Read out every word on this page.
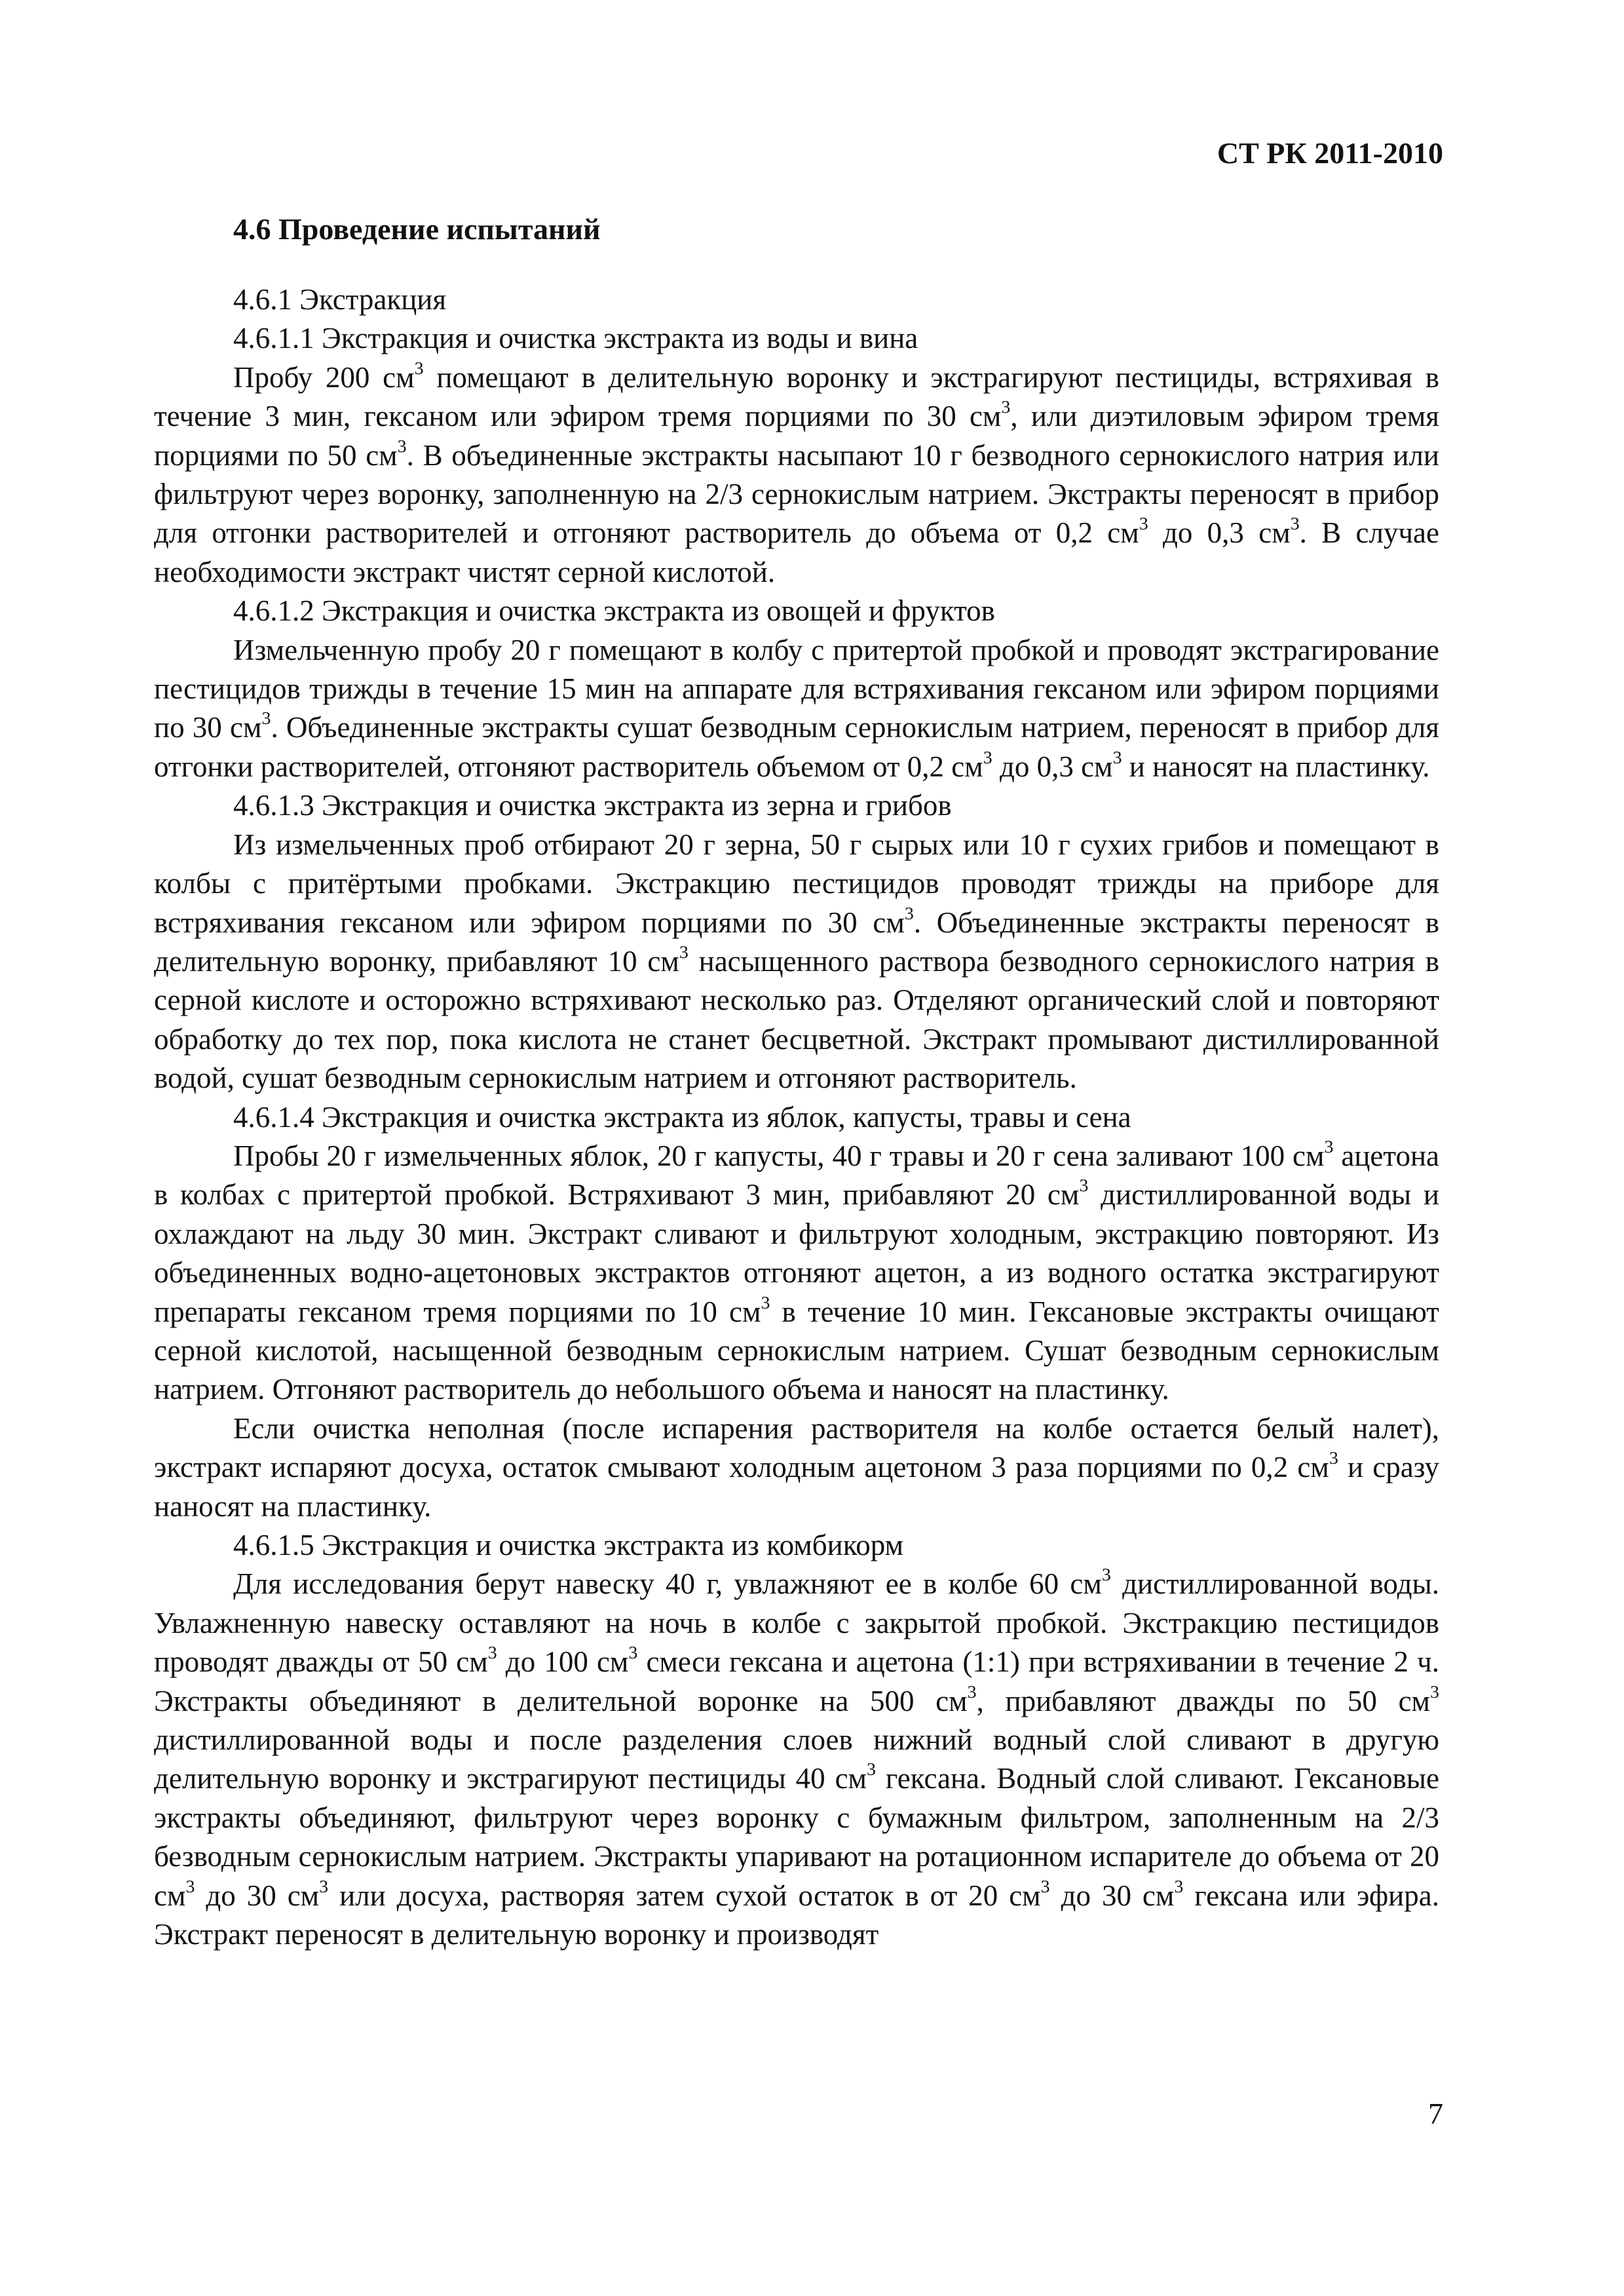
СТ РК 2011-2010
4.6 Проведение испытаний

4.6.1 Экстракция

4.6.1.1 Экстракция и очистка экстракта из воды и вина

Пробу 200 $см^3$ помещают в делительную воронку и экстрагируют пестициды, встряхивая в течение 3 мин, гексаном или эфиром тремя порциями по 30 $см^3$, или диэтиловым эфиром тремя порциями по 50 $см^3$. В объединенные экстракты насыпают 10 г безводного сернокислого натрия или фильтруют через воронку, заполненную на 2/3 сернокислым натрием. Экстракты переносят в прибор для отгонки растворителей и отгоняют растворитель до объема от 0,2 $см^3$ до 0,3 $см^3$. В случае необходимости экстракт чистят серной кислотой.

4.6.1.2 Экстракция и очистка экстракта из овощей и фруктов

Измельченную пробу 20 г помещают в колбу с притертой пробкой и проводят экстрагирование пестицидов трижды в течение 15 мин на аппарате для встряхивания гексаном или эфиром порциями по 30 $см^3$. Объединенные экстракты сушат безводным сернокислым натрием, переносят в прибор для отгонки растворителей, отгоняют растворитель объемом от 0,2 $см^3$ до 0,3 $см^3$ и наносят на пластинку.

4.6.1.3 Экстракция и очистка экстракта из зерна и грибов

Из измельченных проб отбирают 20 г зерна, 50 г сырых или 10 г сухих грибов и помещают в колбы с притёртыми пробками. Экстракцию пестицидов проводят трижды на приборе для встряхивания гексаном или эфиром порциями по 30 $см^3$. Объединенные экстракты переносят в делительную воронку, прибавляют 10 $см^3$ насыщенного раствора безводного сернокислого натрия в серной кислоте и осторожно встряхивают несколько раз. Отделяют органический слой и повторяют обработку до тех пор, пока кислота не станет бесцветной. Экстракт промывают дистиллированной водой, сушат безводным сернокислым натрием и отгоняют растворитель.

4.6.1.4 Экстракция и очистка экстракта из яблок, капусты, травы и сена

Пробы 20 г измельченных яблок, 20 г капусты, 40 г травы и 20 г сена заливают 100 $см^3$ ацетона в колбах с притертой пробкой. Встряхивают 3 мин, прибавляют 20 $см^3$ дистиллированной воды и охлаждают на льду 30 мин. Экстракт сливают и фильтруют холодным, экстракцию повторяют. Из объединенных водно-ацетоновых экстрактов отгоняют ацетон, а из водного остатка экстрагируют препараты гексаном тремя порциями по 10 $см^3$ в течение 10 мин. Гексановые экстракты очищают серной кислотой, насыщенной безводным сернокислым натрием. Сушат безводным сернокислым натрием. Отгоняют растворитель до небольшого объема и наносят на пластинку.

Если очистка неполная (после испарения растворителя на колбе остается белый налет), экстракт испаряют досуха, остаток смывают холодным ацетоном 3 раза порциями по 0,2 $см^3$ и сразу наносят на пластинку.

4.6.1.5 Экстракция и очистка экстракта из комбикорм

Для исследования берут навеску 40 г, увлажняют ее в колбе 60 $см^3$ дистиллированной воды. Увлажненную навеску оставляют на ночь в колбе с закрытой пробкой. Экстракцию пестицидов проводят дважды от 50 $см^3$ до 100 $см^3$ смеси гексана и ацетона (1:1) при встряхивании в течение 2 ч. Экстракты объединяют в делительной воронке на 500 $см^3$, прибавляют дважды по 50 $см^3$ дистиллированной воды и после разделения слоев нижний водный слой сливают в другую делительную воронку и экстрагируют пестициды 40 $см^3$ гексана. Водный слой сливают. Гексановые экстракты объединяют, фильтруют через воронку с бумажным фильтром, заполненным на 2/3 безводным сернокислым натрием. Экстракты упаривают на ротационном испарителе до объема от 20 $см^3$ до 30 $см^3$ или досуха, растворяя затем сухой остаток в от 20 $см^3$ до 30 $см^3$ гексана или эфира. Экстракт переносят в делительную воронку и производят

7
